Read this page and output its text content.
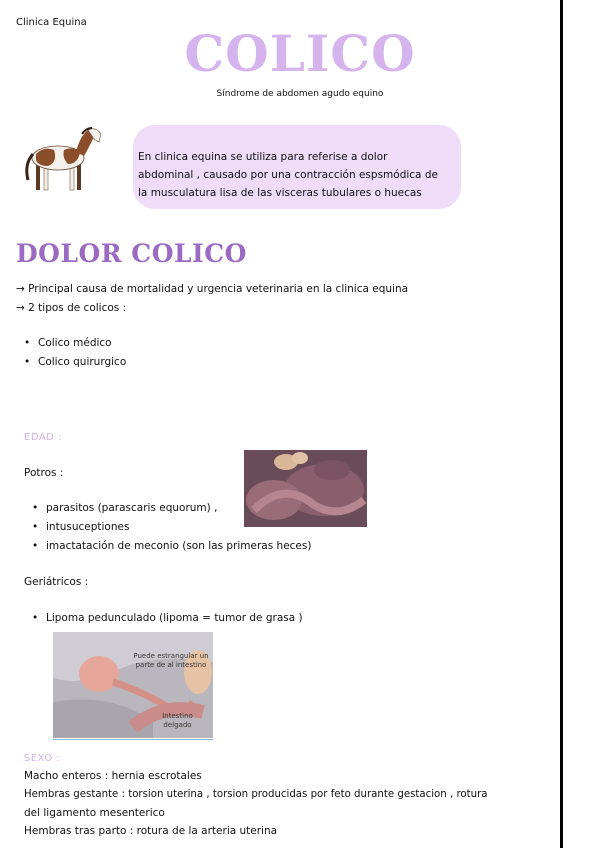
Clinica Equina
COLICO
Síndrome de abdomen agudo equino
En clinica equina se utiliza para referise a dolor
abdominal , causado por una contracción espsmódica de
la musculatura lisa de las visceras tubulares o huecas
DOLOR COLICO
→ Principal causa de mortalidad y urgencia veterinaria en la clinica equina
→ 2 tipos de colicos :
• Colico médico
• Colico quirurgico
EDAD :
Potros :
• parasitos (parascaris equorum) ,
• intusuceptiones
• imactatación de meconio (son las primeras heces)
Geriátricos :
• Lipoma pedunculado (lipoma = tumor de grasa )
Puede estrangular un parte de al intestino
Intestino delgado
SEXO :
Macho enteros : hernia escrotales
Hembras gestante : torsion uterina , torsion producidas por feto durante gestacion , rotura
del ligamento mesenterico
Hembras tras parto : rotura de la arteria uterina
